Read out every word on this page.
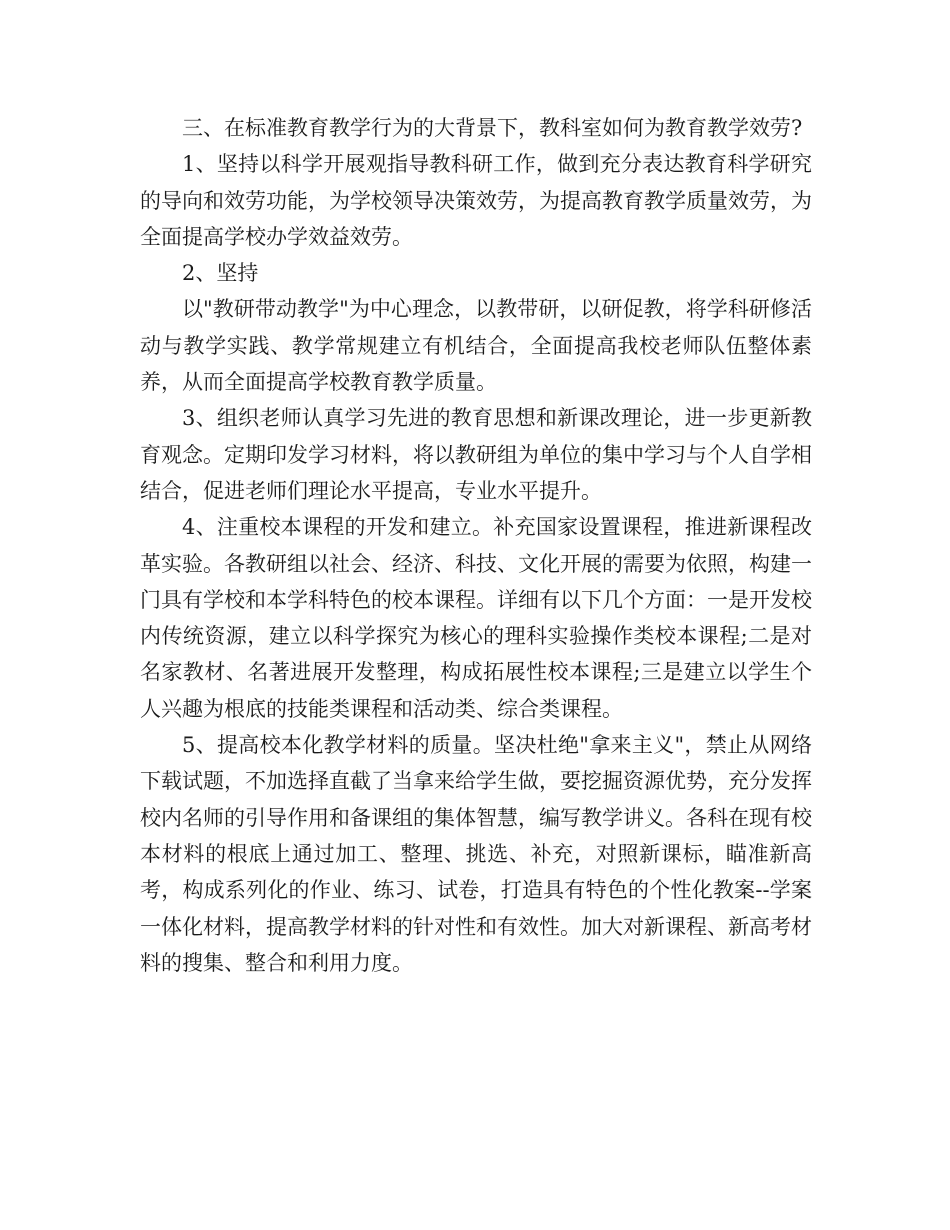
三、在标准教育教学行为的大背景下，教科室如何为教育教学效劳?

1、坚持以科学开展观指导教科研工作，做到充分表达教育科学研究的导向和效劳功能，为学校领导决策效劳，为提高教育教学质量效劳，为全面提高学校办学效益效劳。

2、坚持

以"教研带动教学"为中心理念，以教带研，以研促教，将学科研修活动与教学实践、教学常规建立有机结合，全面提高我校老师队伍整体素养，从而全面提高学校教育教学质量。

3、组织老师认真学习先进的教育思想和新课改理论，进一步更新教育观念。定期印发学习材料，将以教研组为单位的集中学习与个人自学相结合，促进老师们理论水平提高，专业水平提升。

4、注重校本课程的开发和建立。补充国家设置课程，推进新课程改革实验。各教研组以社会、经济、科技、文化开展的需要为依照，构建一门具有学校和本学科特色的校本课程。详细有以下几个方面：一是开发校内传统资源，建立以科学探究为核心的理科实验操作类校本课程;二是对名家教材、名著进展开发整理，构成拓展性校本课程;三是建立以学生个人兴趣为根底的技能类课程和活动类、综合类课程。

5、提高校本化教学材料的质量。坚决杜绝"拿来主义"，禁止从网络下载试题，不加选择直截了当拿来给学生做，要挖掘资源优势，充分发挥校内名师的引导作用和备课组的集体智慧，编写教学讲义。各科在现有校本材料的根底上通过加工、整理、挑选、补充，对照新课标，瞄准新高考，构成系列化的作业、练习、试卷，打造具有特色的个性化教案--学案一体化材料，提高教学材料的针对性和有效性。加大对新课程、新高考材料的搜集、整合和利用力度。
